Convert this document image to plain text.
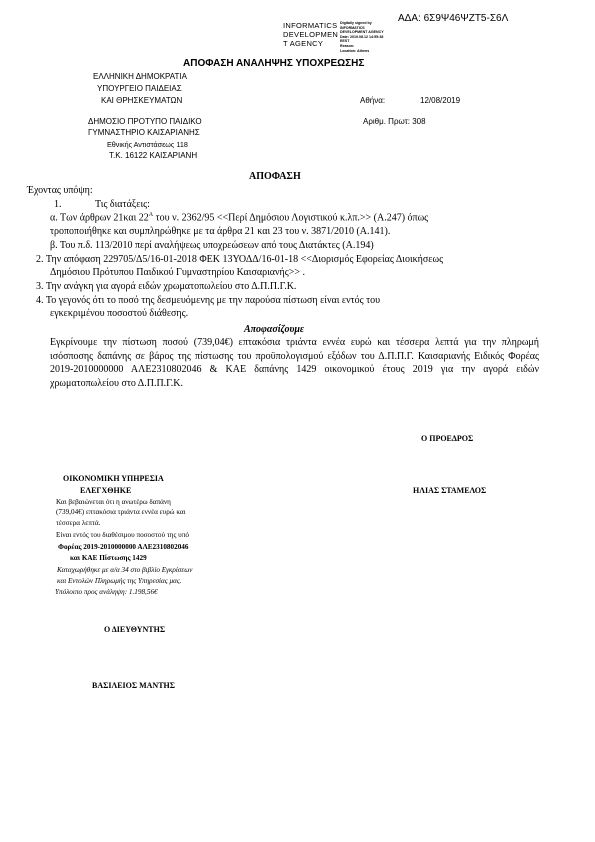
ΑΔΑ: 6Σ9Ψ46ΨΖΤ5-Σ6Λ
INFORMATICS
DEVELOPMEN
T AGENCY
Digitally signed by
INFORMATICS
DEVELOPMENT AGENCY
Date: 2019.08.12 14:55:38
EEST
Reason:
Location: Athens
ΑΠΟΦΑΣΗ ΑΝΑΛΗΨΗΣ ΥΠΟΧΡΕΩΣΗΣ
ΕΛΛΗΝΙΚΗ ΔΗΜΟΚΡΑΤΙΑ
ΥΠΟΥΡΓΕΙΟ ΠΑΙΔΕΙΑΣ
ΚΑΙ ΘΡΗΣΚΕΥΜΑΤΩΝ	Αθήνα:	12/08/2019
ΔΗΜΟΣΙΟ ΠΡΟΤΥΠΟ ΠΑΙΔΙΚΟ
ΓΥΜΝΑΣΤΗΡΙΟ ΚΑΙΣΑΡΙΑΝΗΣ
Εθνικής Αντιστάσεως 118
Τ.Κ. 16122 ΚΑΙΣΑΡΙΑΝΗ
Αριθμ. Πρωτ: 308
ΑΠΟΦΑΣΗ
Έχοντας υπόψη:
1.	Τις διατάξεις:
α. Των άρθρων 21και $22^A$ του ν. 2362/95 <<Περί Δημόσιου Λογιστικού κ.λπ.>> (Α.247) όπως
τροποποιήθηκε και συμπληρώθηκε με τα άρθρα 21 και 23 του ν. 3871/2010 (Α.141).
β. Του π.δ. 113/2010 περί αναλήψεως υποχρεώσεων από τους Διατάκτες (Α.194)
2. Την απόφαση 229705/Δ5/16-01-2018 ΦΕΚ 13ΥΟΔΔ/16-01-18 <<Διορισμός Εφορείας Διοικήσεως
Δημόσιου Πρότυπου Παιδικού Γυμναστηρίου Καισαριανής>> .
3. Την ανάγκη για αγορά ειδών χρωματοπωλείου στο Δ.Π.Π.Γ.Κ.
4. Το γεγονός ότι το ποσό της δεσμευόμενης με την παρούσα πίστωση είναι εντός του
εγκεκριμένου ποσοστού διάθεσης.
Αποφασίζουμε
Εγκρίνουμε την πίστωση ποσού (739,04€) επτακόσια τριάντα εννέα ευρώ και τέσσερα λεπτά για την πληρωμή ισόσποσης δαπάνης σε βάρος της πίστωσης του προϋπολογισμού εξόδων του Δ.Π.Π.Γ. Καισαριανής Ειδικός Φορέας 2019-2010000000 ΑΛΕ2310802046 & ΚΑΕ δαπάνης 1429 οικονομικού έτους 2019 για την αγορά ειδών χρωματοπωλείου στο Δ.Π.Π.Γ.Κ.
Ο ΠΡΟΕΔΡΟΣ
ΗΛΙΑΣ ΣΤΑΜΕΛΟΣ
ΟΙΚΟΝΟΜΙΚΗ ΥΠΗΡΕΣΙΑ
ΕΛΕΓΧΘΗΚΕ
Και βεβαιώνεται ότι η ανωτέρω δαπάνη
(739,04€) επτακόσια τριάντα εννέα ευρώ και
τέσσερα λεπτά.
Είναι εντός του διαθέσιμου ποσοστού της υπό
Φορέας 2019-2010000000 ΑΛΕ2310802046
και ΚΑΕ Πίστωσης 1429
Καταχωρήθηκε με α/α 34 στο βιβλίο Εγκρίσεων
και Εντολών Πληρωμής της Υπηρεσίας μας.
Υπόλοιπο προς ανάληψη: 1.198,56€
Ο ΔΙΕΥΘΥΝΤΗΣ
ΒΑΣΙΛΕΙΟΣ ΜΑΝΤΗΣ
